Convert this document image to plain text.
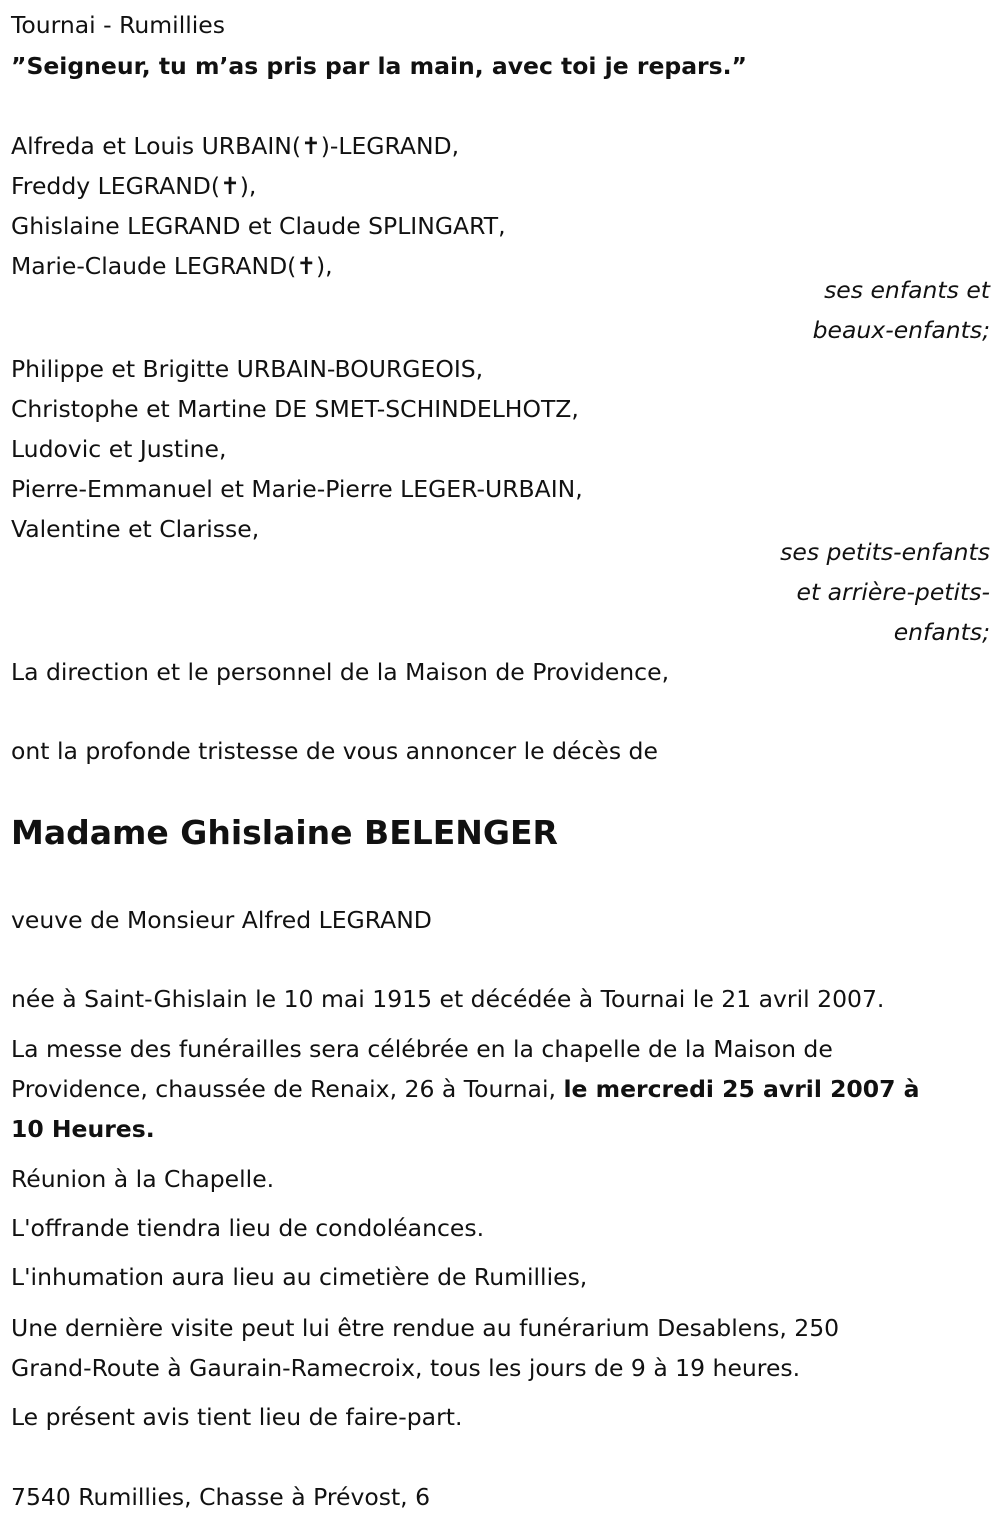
Tournai - Rumillies
”Seigneur, tu m’as pris par la main, avec toi je repars.”
Alfreda et Louis URBAIN(✝)-LEGRAND,
Freddy LEGRAND(✝),
Ghislaine LEGRAND et Claude SPLINGART,
Marie-Claude LEGRAND(✝),
ses enfants et
beaux-enfants;
Philippe et Brigitte URBAIN-BOURGEOIS,
Christophe et Martine DE SMET-SCHINDELHOTZ,
Ludovic et Justine,
Pierre-Emmanuel et Marie-Pierre LEGER-URBAIN,
Valentine et Clarisse,
ses petits-enfants
et arrière-petits-
enfants;
La direction et le personnel de la Maison de Providence,
ont la profonde tristesse de vous annoncer le décès de
Madame Ghislaine BELENGER
veuve de Monsieur Alfred LEGRAND
née à Saint-Ghislain le 10 mai 1915 et décédée à Tournai le 21 avril 2007.
La messe des funérailles sera célébrée en la chapelle de la Maison de
Providence, chaussée de Renaix, 26 à Tournai, le mercredi 25 avril 2007 à
10 Heures.
Réunion à la Chapelle.
L'offrande tiendra lieu de condoléances.
L'inhumation aura lieu au cimetière de Rumillies,
Une dernière visite peut lui être rendue au funérarium Desablens, 250
Grand-Route à Gaurain-Ramecroix, tous les jours de 9 à 19 heures.
Le présent avis tient lieu de faire-part.
7540 Rumillies, Chasse à Prévost, 6
